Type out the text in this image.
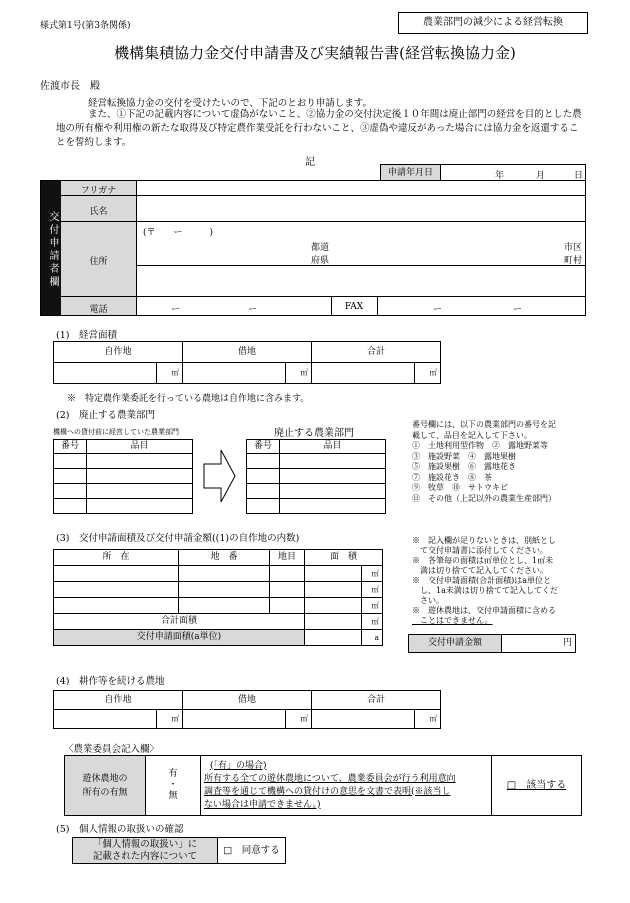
様式第1号(第3条関係)	農業部門の減少による経営転換
機構集積協力金交付申請書及び実績報告書(経営転換協力金)
佐渡市長　殿
経営転換協力金の交付を受けたいので、下記のとおり申請します。
また、①下記の記載内容について虚偽がないこと、②協力金の交付決定後１０年間は廃止部門の経営を目的とした農地の所有権や利用権の新たな取得及び特定農作業受託を行わないこと、③虚偽や違反があった場合には協力金を返還することを誓約します。
記
申請年月日	年	月	日
交付申請者欄
フリガナ
氏名
住所
電話
(〒　　ー　　　)
都道
府県
市区
町村
ー	ー	FAX	ー	ー
(1)　経営面積
自作地		借地		合計	
	㎡		㎡		㎡
※　特定農作業委託を行っている農地は自作地に含みます。
(2)　廃止する農業部門
機構への貸付前に経営していた農業部門	廃止する農業部門
番号	品目

		番号	品目

番号欄には、以下の農業部門の番号を記
載して、品目を記入して下さい。
①　土地利用型作物　②　露地野菜等
③　施設野菜　④　露地果樹
⑤　施設果樹　⑥　露地花き
⑦　施設花き　⑧　茶
⑨　牧草　⑩　サトウキビ
⑪　その他（上記以外の農業生産部門）
(3)　交付申請面積及び交付申請金額((1)の自作地の内数)
所　在	地　番	地目	面　積	
				㎡
				㎡
				㎡
合計面積				㎡
交付申請面積(a単位)				a
※　記入欄が足りないときは、別紙とし
　て交付申請書に添付してください。
※　各筆毎の面積は㎡単位とし、1㎡未
　満は切り捨てて記入してください。
※　交付申請面積(合計面積)はa単位と
　し、1a未満は切り捨てて記入してくだ
　さい。
※　遊休農地は、交付申請面積に含める
　ことはできません。
交付申請金額	円
(4)　耕作等を続ける農地
自作地		借地		合計	
	㎡		㎡		㎡
〈農業委員会記入欄〉
遊休農地の
所有の有無

有
・
無

(「有」の場合)
所有する全ての遊休農地について、農業委員会が行う利用意向
調査等を通じて機構への貸付けの意思を文書で表明(※該当し
ない場合は申請できません。)
	□　該当する
(5)　個人情報の取扱いの確認
「個人情報の取扱い」に
記載された内容について
	□　同意する
